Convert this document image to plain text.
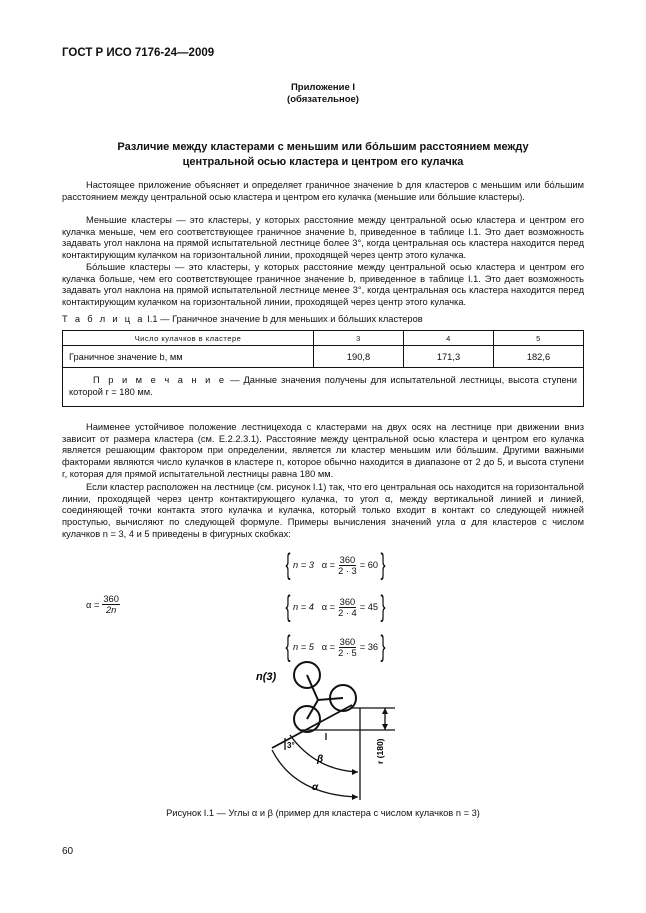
ГОСТ Р ИСО 7176-24—2009
Приложение I
(обязательное)
Различие между кластерами с меньшим или бо́льшим расстоянием между
центральной осью кластера и центром его кулачка
Настоящее приложение объясняет и определяет граничное значение b для кластеров с меньшим или бо́льшим расстоянием между центральной осью кластера и центром его кулачка (меньшие или бо́льшие кластеры).
Меньшие кластеры — это кластеры, у которых расстояние между центральной осью кластера и центром его кулачка меньше, чем его соответствующее граничное значение b, приведенное в таблице I.1. Это дает возможность задавать угол наклона на прямой испытательной лестнице более 3°, когда центральная ось кластера находится перед контактирующим кулачком на горизонтальной линии, проходящей через центр этого кулачка.
Бо́льшие кластеры — это кластеры, у которых расстояние между центральной осью кластера и центром его кулачка больше, чем его соответствующее граничное значение b, приведенное в таблице I.1. Это дает возможность задавать угол наклона на прямой испытательной лестнице менее 3°, когда центральная ось кластера находится перед контактирующим кулачком на горизонтальной линии, проходящей через центр этого кулачка.
Т а б л и ц а I.1 — Граничное значение b для меньших и бо́льших кластеров
Число кулачков в кластере	3	4	5
Граничное значение b, мм	190,8	171,3	182,6
П р и м е ч а н и е — Данные значения получены для испытательной лестницы, высота ступени которой r = 180 мм.			
Наименее устойчивое положение лестницехода с кластерами на двух осях на лестнице при движении вниз зависит от размера кластера (см. E.2.2.3.1). Расстояние между центральной осью кластера и центром его кулачка является решающим фактором при определении, является ли кластер меньшим или бо́льшим. Другими важными факторами являются число кулачков в кластере n, которое обычно находится в диапазоне от 2 до 5, и высота ступени r, которая для прямой испытательной лестницы равна 180 мм.
Если кластер расположен на лестнице (см. рисунок I.1) так, что его центральная ось находится на горизонтальной линии, проходящей через центр контактирующего кулачка, то угол α, между вертикальной линией и линией, соединяющей точки контакта этого кулачка и кулачка, который только входит в контакт со следующей нижней проступью, вычисляют по следующей формуле. Примеры вычисления значений угла α для кластеров с числом кулачков n = 3, 4 и 5 приведены в фигурных скобках:
$\alpha = \frac{360}{2n}$
{ n = 3
$\alpha = \frac{360}{2 \cdot 3} = 60$ }
{ n = 4
$\alpha = \frac{360}{2 \cdot 4} = 45$ }
{ n = 5
$\alpha = \frac{360}{2 \cdot 5} = 36$ }
n(3)
3°
β
α
r (180)
Рисунок I.1 — Углы α и β (пример для кластера с числом кулачков n = 3)
60
